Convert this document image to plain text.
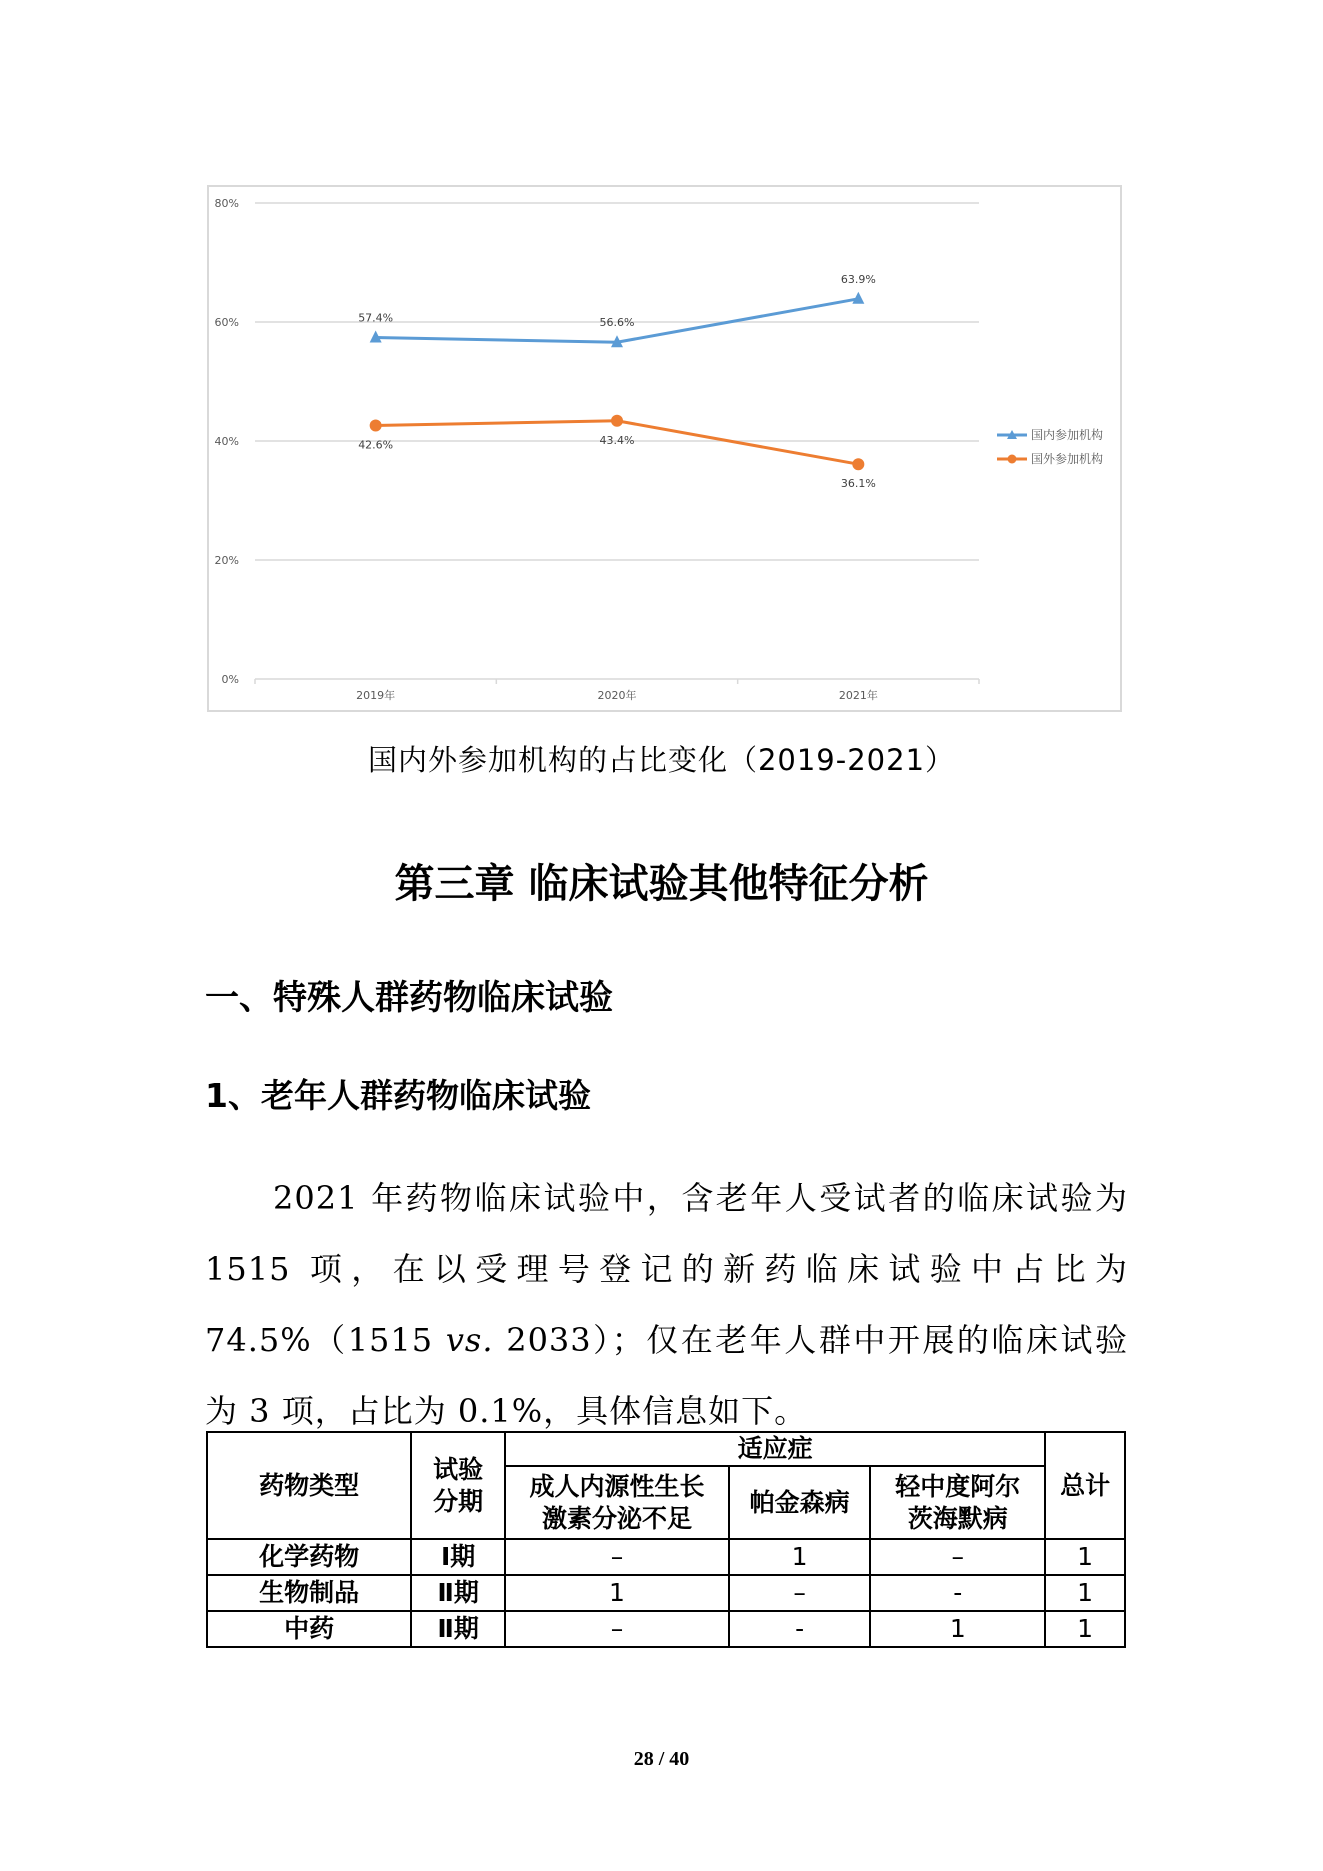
80%
60%
40%
20%
0%
2019年	2020年	2021年
57.4%	56.6%
63.9%
42.6%	43.4%
36.1%
国内参加机构
国外参加机构
国内外参加机构的占比变化（2019-2021）
第三章 临床试验其他特征分析
一、特殊人群药物临床试验
1、老年人群药物临床试验
2021 年药物临床试验中，含老年人受试者的临床试验为 1515 项，在以受理号登记的新药临床试验中占比为 74.5%（1515 vs. 2033）；仅在老年人群中开展的临床试验为 3 项，占比为 0.1%，具体信息如下。
药物类型	试验分期	适应症			总计

		成人内源性生长激素分泌不足	帕金森病	轻中度阿尔茨海默病	

化学药物	Ⅰ期	–	1	–	1
生物制品	Ⅱ期	1	–	-	1
中药	Ⅱ期	–	-	1	1
28 / 40
